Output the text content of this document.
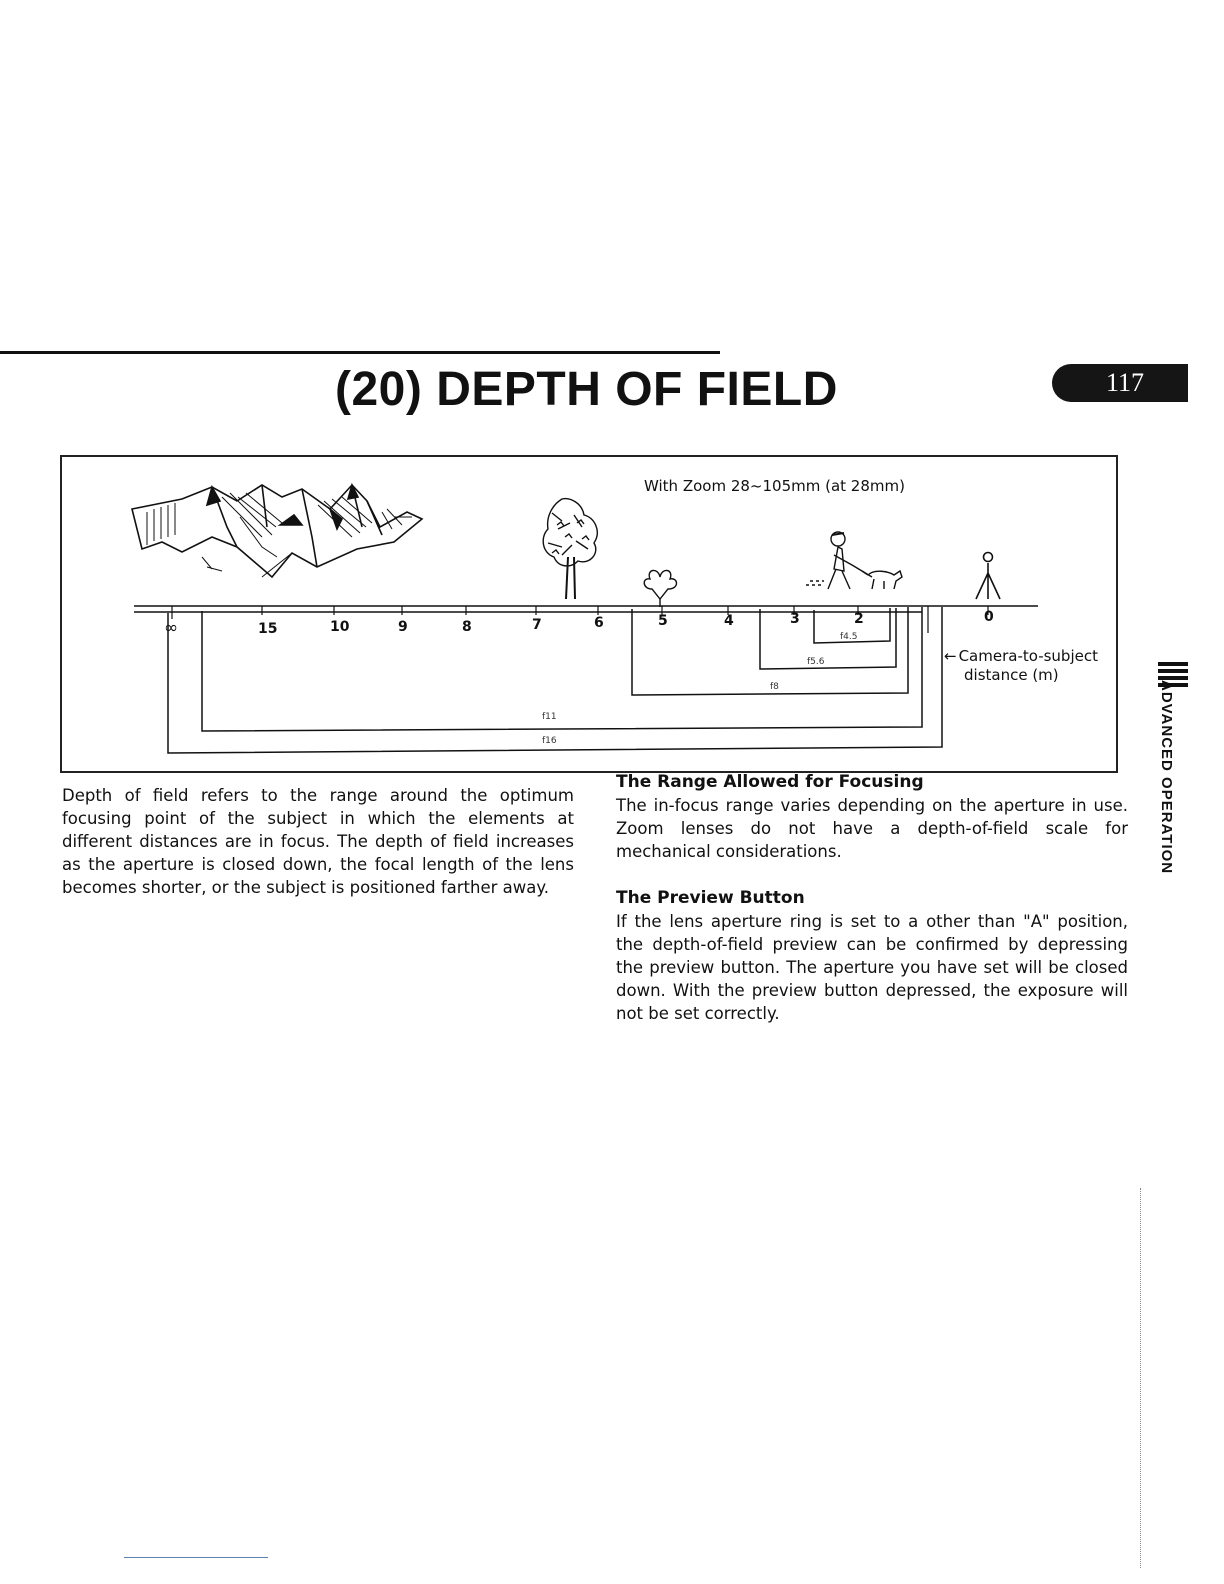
(20) DEPTH OF FIELD	117
∞	15	10	9	8	7	6	5	4	3	2	0
f4.5
f5.6
f8
f11
f16
With Zoom 28~105mm (at 28mm)
← Camera-to-subject
distance (m)

Depth of field refers to the range around the optimum focusing point of the subject in which the elements at different distances are in focus. The depth of field increases as the aperture is closed down, the focal length of the lens becomes shorter, or the subject is positioned farther away.

The Range Allowed for Focusing

The in-focus range varies depending on the aperture in use. Zoom lenses do not have a depth-of-field scale for mechanical considerations.

The Preview Button

If the lens aperture ring is set to a other than "A" position, the depth-of-field preview can be confirmed by depressing the preview button. The aperture you have set will be closed down. With the preview button depressed, the exposure will not be set correctly.

ADVANCED OPERATION
